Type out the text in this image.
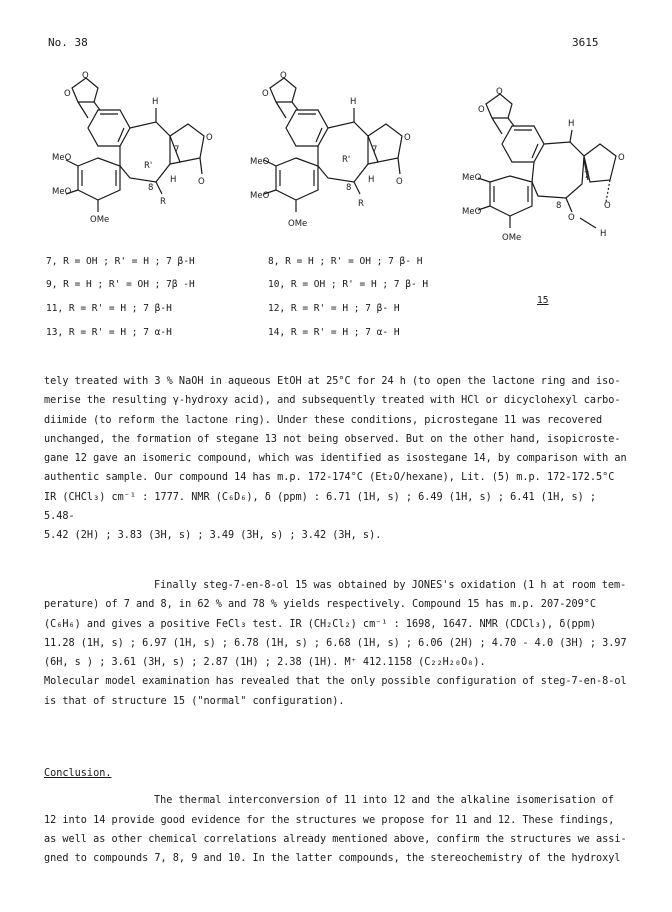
No. 38	3615
O
O
H
MeO
MeO
OMe
R'
7
8
H
R
O
O
O
O
H
MeO
MeO
OMe
R'
7
8
H
R
O
O
O
O
H
MeO
MeO
OMe
7
8
O
H
O
O
7, R = OH ; R' = H ; 7 β-H
9, R = H ; R' = OH ; 7β -H
11, R = R' = H ; 7 β-H
13, R = R' = H ; 7 α-H
8, R = H ; R' = OH ; 7 β- H
10, R = OH ; R' = H ; 7 β- H
12, R = R' = H ; 7 β- H
14, R = R' = H ; 7 α- H
15

tely treated with 3 % NaOH in aqueous EtOH at 25°C for 24 h (to open the lactone ring and iso-

merise the resulting γ-hydroxy acid), and subsequently treated with HCl or dicyclohexyl carbo-

diimide (to reform the lactone ring). Under these conditions, picrostegane 11 was recovered

unchanged, the formation of stegane 13 not being observed. But on the other hand, isopicroste-

gane 12 gave an isomeric compound, which was identified as isostegane 14, by comparison with an

authentic sample. Our compound 14 has m.p. 172-174°C (Et₂O/hexane), Lit. (5) m.p. 172-172.5°C

IR (CHCl₃) cm⁻¹ : 1777. NMR (C₆D₆), δ (ppm) : 6.71 (1H, s) ; 6.49 (1H, s) ; 6.41 (1H, s) ; 5.48-

5.42 (2H) ; 3.83 (3H, s) ; 3.49 (3H, s) ; 3.42 (3H, s).

Finally steg-7-en-8-ol 15 was obtained by JONES's oxidation (1 h at room tem-

perature) of 7 and 8, in 62 % and 78 % yields respectively. Compound 15 has m.p. 207-209°C

(C₆H₆) and gives a positive FeCl₃ test. IR (CH₂Cl₂) cm⁻¹ : 1698, 1647. NMR (CDCl₃), δ(ppm)

11.28 (1H, s) ; 6.97 (1H, s) ; 6.78 (1H, s) ; 6.68 (1H, s) ; 6.06 (2H) ; 4.70 - 4.0 (3H) ; 3.97

(6H, s ) ; 3.61 (3H, s) ; 2.87 (1H) ; 2.38 (1H). M⁺ 412.1158 (C₂₂H₂₀O₈).

Molecular model examination has revealed that the only possible configuration of steg-7-en-8-ol

is that of structure 15 ("normal" configuration).

Conclusion.

The thermal interconversion of 11 into 12 and the alkaline isomerisation of

12 into 14 provide good evidence for the structures we propose for 11 and 12. These findings,

as well as other chemical correlations already mentioned above, confirm the structures we assi-

gned to compounds 7, 8, 9 and 10. In the latter compounds, the stereochemistry of the hydroxyl
